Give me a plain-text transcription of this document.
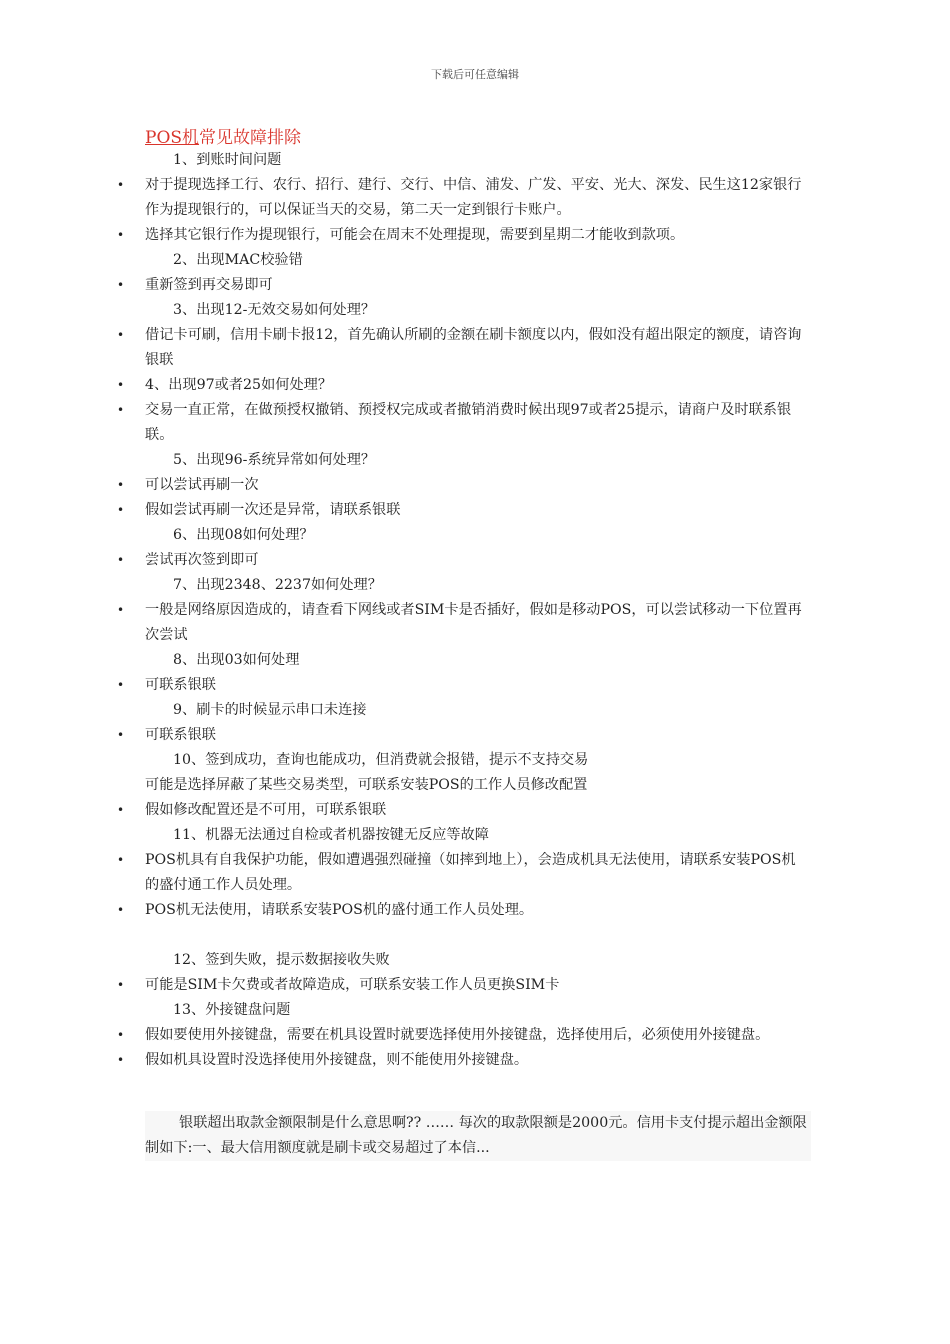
下载后可任意编辑
POS机常见故障排除
1、到账时间问题
• 对于提现选择工行、农行、招行、建行、交行、中信、浦发、广发、平安、光大、深发、民生这12家银行作为提现银行的，可以保证当天的交易，第二天一定到银行卡账户。
• 选择其它银行作为提现银行，可能会在周末不处理提现，需要到星期二才能收到款项。
2、出现MAC校验错
• 重新签到再交易即可
3、出现12-无效交易如何处理？
• 借记卡可刷，信用卡刷卡报12，首先确认所刷的金额在刷卡额度以内，假如没有超出限定的额度，请咨询银联
• 4、出现97或者25如何处理？
• 交易一直正常，在做预授权撤销、预授权完成或者撤销消费时候出现97或者25提示，请商户及时联系银联。
5、出现96-系统异常如何处理？
• 可以尝试再刷一次
• 假如尝试再刷一次还是异常，请联系银联
6、出现08如何处理？
• 尝试再次签到即可
7、出现2348、2237如何处理？
• 一般是网络原因造成的，请查看下网线或者SIM卡是否插好，假如是移动POS，可以尝试移动一下位置再次尝试
8、出现03如何处理
• 可联系银联
9、刷卡的时候显示串口未连接
• 可联系银联
10、签到成功，查询也能成功，但消费就会报错，提示不支持交易
可能是选择屏蔽了某些交易类型，可联系安装POS的工作人员修改配置
• 假如修改配置还是不可用，可联系银联
11、机器无法通过自检或者机器按键无反应等故障
• POS机具有自我保护功能，假如遭遇强烈碰撞（如摔到地上），会造成机具无法使用，请联系安装POS机的盛付通工作人员处理。
• POS机无法使用，请联系安装POS机的盛付通工作人员处理。
12、签到失败，提示数据接收失败
• 可能是SIM卡欠费或者故障造成，可联系安装工作人员更换SIM卡
13、外接键盘问题
• 假如要使用外接键盘，需要在机具设置时就要选择使用外接键盘，选择使用后，必须使用外接键盘。
• 假如机具设置时没选择使用外接键盘，则不能使用外接键盘。
银联超出取款金额限制是什么意思啊?? …… 每次的取款限额是2000元。信用卡支付提示超出金额限制如下:一、最大信用额度就是刷卡或交易超过了本信...
